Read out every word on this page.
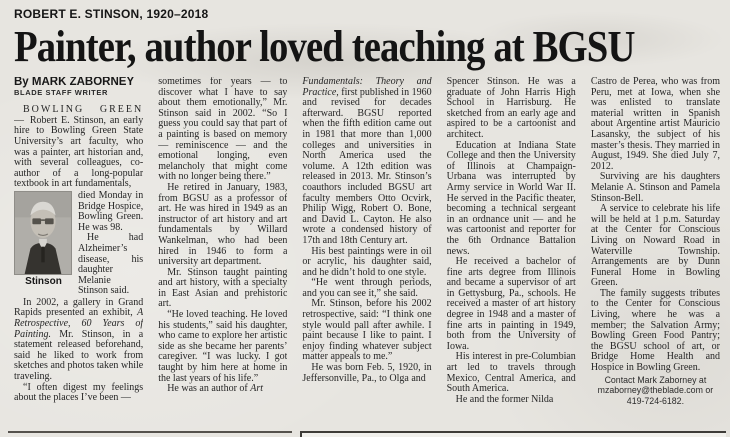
ROBERT E. STINSON, 1920–2018
Painter, author loved teaching at BGSU
By MARK ZABORNEY
BLADE STAFF WRITER

BOWLING GREEN — Robert E. Stinson, an early hire to Bowling Green State University’s art faculty, who was a painter, art historian and, with several colleagues, co-author of a long-popular textbook in art fundamentals,

Stinson

died Monday in Bridge Hospice, Bowling Green. He was 98.

He had Alzheimer’s disease, his daughter Melanie Stinson said.

In 2002, a gallery in Grand Rapids presented an exhibit, A Retrospective, 60 Years of Painting. Mr. Stinson, in a statement released beforehand, said he liked to work from sketches and photos taken while traveling.

“I often digest my feelings about the places I’ve been —

sometimes for years — to discover what I have to say about them emotionally,” Mr. Stinson said in 2002. “So I guess you could say that part of a painting is based on memory — reminiscence — and the emotional longing, even melancholy that might come with no longer being there.”

He retired in January, 1983, from BGSU as a professor of art. He was hired in 1949 as an instructor of art history and art fundamentals by Willard Wankelman, who had been hired in 1946 to form a university art department.

Mr. Stinson taught painting and art history, with a specialty in East Asian and prehistoric art.

“He loved teaching. He loved his students,” said his daughter, who came to explore her artistic side as she became her parents’ caregiver. “I was lucky. I got taught by him here at home in the last years of his life.”

He was an author of Art

Fundamentals: Theory and Practice, first published in 1960 and revised for decades afterward. BGSU reported when the fifth edition came out in 1981 that more than 1,000 colleges and universities in North America used the volume. A 12th edition was released in 2013. Mr. Stinson’s coauthors included BGSU art faculty members Otto Ocvirk, Philip Wigg, Robert O. Bone, and David L. Cayton. He also wrote a condensed history of 17th and 18th Century art.

His best paintings were in oil or acrylic, his daughter said, and he didn’t hold to one style.

“He went through periods, and you can see it,” she said.

Mr. Stinson, before his 2002 retrospective, said: “I think one style would pall after awhile. I paint because I like to paint. I enjoy finding whatever subject matter appeals to me.”

He was born Feb. 5, 1920, in Jeffersonville, Pa., to Olga and

Spencer Stinson. He was a graduate of John Harris High School in Harrisburg. He sketched from an early age and aspired to be a cartoonist and architect.

Education at Indiana State College and then the University of Illinois at Champaign-Urbana was interrupted by Army service in World War II. He served in the Pacific theater, becoming a technical sergeant in an ordnance unit — and he was cartoonist and reporter for the 6th Ordnance Battalion news.

He received a bachelor of fine arts degree from Illinois and became a supervisor of art in Gettysburg, Pa., schools. He received a master of art history degree in 1948 and a master of fine arts in painting in 1949, both from the University of Iowa.

His interest in pre-Columbian art led to travels through Mexico, Central America, and South America.

He and the former Nilda

Castro de Perea, who was from Peru, met at Iowa, when she was enlisted to translate material written in Spanish about Argentine artist Mauricio Lasansky, the subject of his master’s thesis. They married in August, 1949. She died July 7, 2012.

Surviving are his daughters Melanie A. Stinson and Pamela Stinson-Bell.

A service to celebrate his life will be held at 1 p.m. Saturday at the Center for Conscious Living on Noward Road in Waterville Township. Arrangements are by Dunn Funeral Home in Bowling Green.

The family suggests tributes to the Center for Conscious Living, where he was a member; the Salvation Army; Bowling Green Food Pantry; the BGSU school of art, or Bridge Home Health and Hospice in Bowling Green.

Contact Mark Zaborney at mzaborney@theblade.com or 419-724-6182.
